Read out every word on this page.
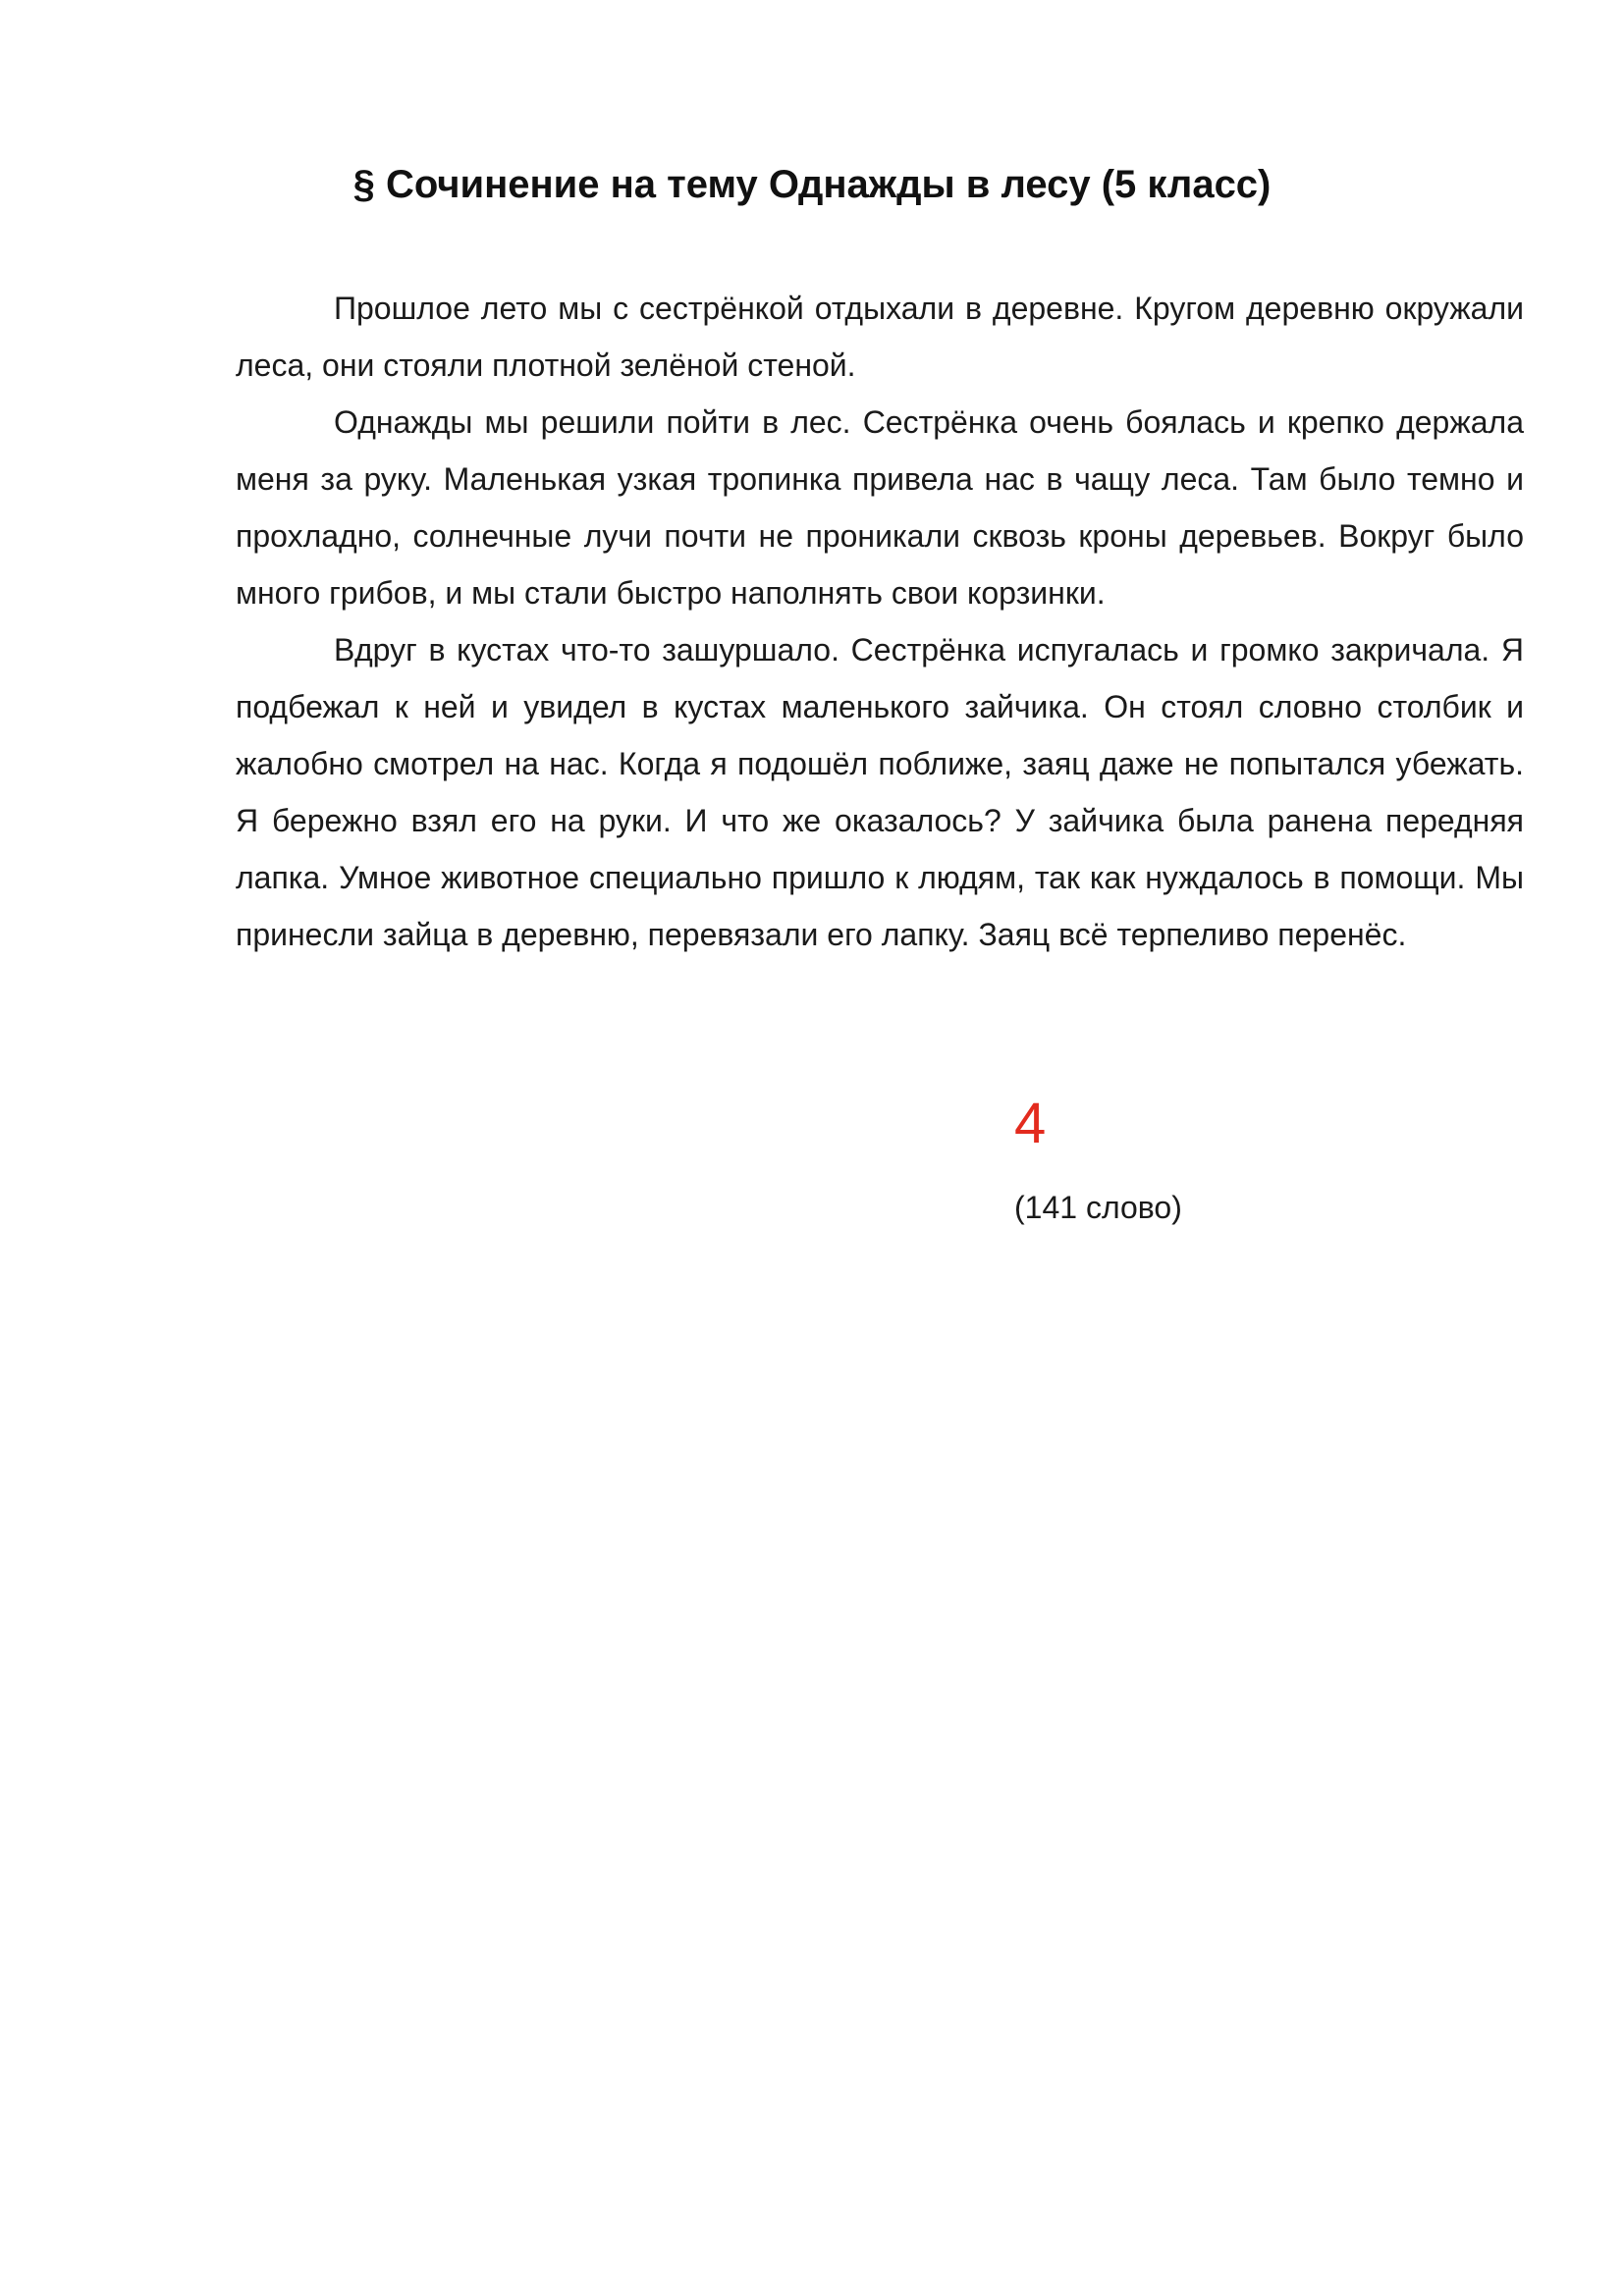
§ Сочинение на тему Однажды в лесу (5 класс)

Прошлое лето мы с сестрёнкой отдыхали в деревне. Кругом деревню окружали леса, они стояли плотной зелёной стеной.

Однажды мы решили пойти в лес. Сестрёнка очень боялась и крепко держала меня за руку. Маленькая узкая тропинка привела нас в чащу леса. Там было темно и прохладно, солнечные лучи почти не проникали сквозь кроны деревьев. Вокруг было много грибов, и мы стали быстро наполнять свои корзинки.

Вдруг в кустах что-то зашуршало. Сестрёнка испугалась и громко закричала. Я подбежал к ней и увидел в кустах маленького зайчика. Он стоял словно столбик и жалобно смотрел на нас. Когда я подошёл поближе, заяц даже не попытался убежать. Я бережно взял его на руки. И что же оказалось? У зайчика была ранена передняя лапка. Умное животное специально пришло к людям, так как нуждалось в помощи. Мы принесли зайца в деревню, перевязали его лапку. Заяц всё терпеливо перенёс.

4
(141 слово)
